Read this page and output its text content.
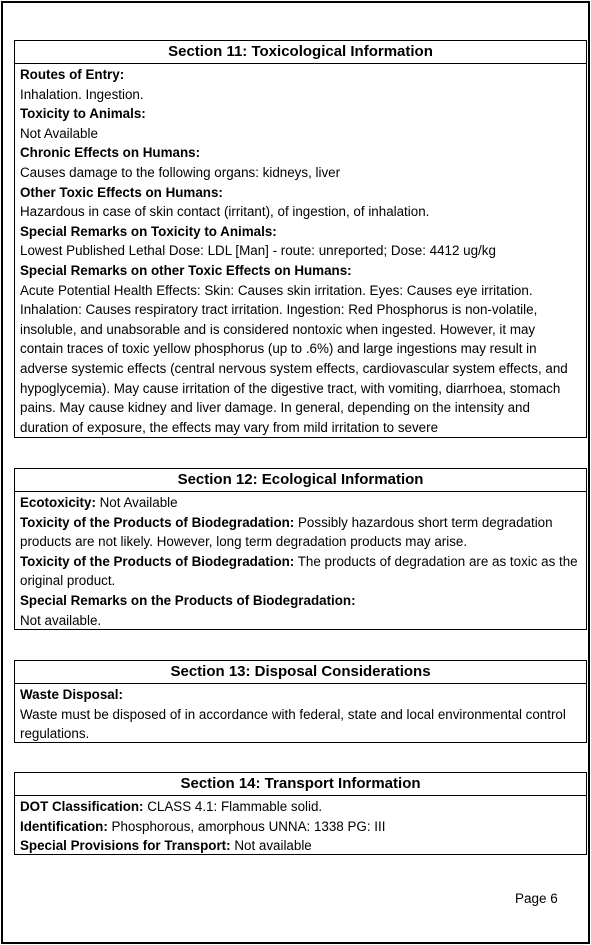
Section 11: Toxicological Information
Routes of Entry:
Inhalation. Ingestion.
Toxicity to Animals:
Not Available
Chronic Effects on Humans:
Causes damage to the following organs: kidneys, liver
Other Toxic Effects on Humans:
Hazardous in case of skin contact (irritant), of ingestion, of inhalation.
Special Remarks on Toxicity to Animals:
Lowest Published Lethal Dose: LDL [Man] - route: unreported; Dose: 4412 ug/kg
Special Remarks on other Toxic Effects on Humans:
Acute Potential Health Effects: Skin: Causes skin irritation. Eyes: Causes eye irritation. Inhalation: Causes respiratory tract irritation. Ingestion: Red Phosphorus is non-volatile, insoluble, and unabsorable and is considered nontoxic when ingested. However, it may contain traces of toxic yellow phosphorus (up to .6%) and large ingestions may result in adverse systemic effects (central nervous system effects, cardiovascular system effects, and hypoglycemia). May cause irritation of the digestive tract, with vomiting, diarrhoea, stomach pains. May cause kidney and liver damage. In general, depending on the intensity and duration of exposure, the effects may vary from mild irritation to severe
Section 12: Ecological Information
Ecotoxicity: Not Available
Toxicity of the Products of Biodegradation: Possibly hazardous short term degradation products are not likely. However, long term degradation products may arise.
Toxicity of the Products of Biodegradation: The products of degradation are as toxic as the original product.
Special Remarks on the Products of Biodegradation:
Not available.
Section 13: Disposal Considerations
Waste Disposal:
Waste must be disposed of in accordance with federal, state and local environmental control regulations.
Section 14: Transport Information
DOT Classification: CLASS 4.1: Flammable solid.
Identification: Phosphorous, amorphous UNNA: 1338 PG: III
Special Provisions for Transport: Not available
Page 6
